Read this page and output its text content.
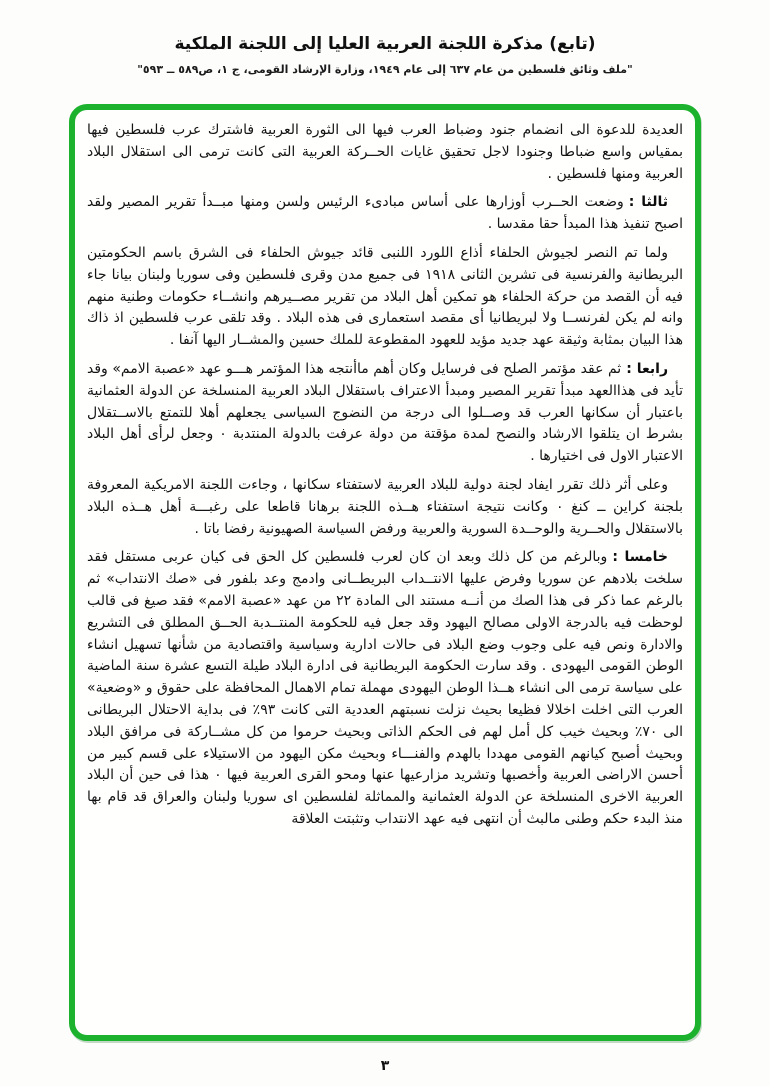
(تابع) مذكرة اللجنة العربية العليا إلى اللجنة الملكية
"ملف وثائق فلسطين من عام ٦٣٧ إلى عام ١٩٤٩، وزارة الإرشاد القومى، ج ١، ص٥٨٩ ــ ٥٩٣"

العديدة للدعوة الى انضمام جنود وضباط العرب فيها الى الثورة العربية فاشترك عرب فلسطين فيها بمقياس واسع ضباطا وجنودا لاجل تحقيق غايات الحــركة العربية التى كانت ترمى الى استقلال البلاد العربية ومنها فلسطين .

ثالثا :وضعت الحــرب أوزارها على أساس مبادىء الرئيس ولسن ومنها مبــدأ تقرير المصير ولقد اصبح تنفيذ هذا المبدأ حقا مقدسا .

ولما تم النصر لجيوش الحلفاء أذاع اللورد اللنبى قائد جيوش الحلفاء فى الشرق باسم الحكومتين البريطانية والفرنسية فى تشرين الثانى ١٩١٨ فى جميع مدن وقرى فلسطين وفى سوريا ولبنان بيانا جاء فيه أن القصد من حركة الحلفاء هو تمكين أهل البلاد من تقرير مصــيرهم وانشــاء حكومات وطنية منهم وانه لم يكن لفرنســا ولا لبريطانيا أى مقصد استعمارى فى هذه البلاد . وقد تلقى عرب فلسطين اذ ذاك هذا البيان بمثابة وثيقة عهد جديد مؤيد للعهود المقطوعة للملك حسين والمشــار اليها آنفا .

رابعا :ثم عقد مؤتمر الصلح فى فرسايل وكان أهم ماأنتجه هذا المؤتمر هـــو عهد «عصبة الامم» وقد تأيد فى هذاالعهد مبدأ تقرير المصير ومبدأ الاعتراف باستقلال البلاد العربية المنسلخة عن الدولة العثمانية باعتبار أن سكانها العرب قد وصــلوا الى درجة من النضوج السياسى يجعلهم أهلا للتمتع بالاســتقلال بشرط ان يتلقوا الارشاد والنصح لمدة مؤقتة من دولة عرفت بالدولة المنتدبة ٠ وجعل لرأى أهل البلاد الاعتبار الاول فى اختيارها .

وعلى أثر ذلك تقرر ايفاد لجنة دولية للبلاد العربية لاستفتاء سكانها ، وجاءت اللجنة الامريكية المعروفة بلجنة كراين ــ كنغ ٠ وكانت نتيجة استفتاء هــذه اللجنة برهانا قاطعا على رغبـــة أهل هــذه البلاد بالاستقلال والحــرية والوحــدة السورية والعربية ورفض السياسة الصهيونية رفضا باتا .

خامسا :وبالرغم من كل ذلك وبعد ان كان لعرب فلسطين كل الحق فى كيان عربى مستقل فقد سلخت بلادهم عن سوريا وفرض عليها الانتــداب البريطــانى وادمج وعد بلفور فى «صك الانتداب» ثم بالرغم عما ذكر فى هذا الصك من أنــه مستند الى المادة ٢٢ من عهد «عصبة الامم» فقد صيغ فى قالب لوحظت فيه بالدرجة الاولى مصالح اليهود وقد جعل فيه للحكومة المنتــدبة الحــق المطلق فى التشريع والادارة ونص فيه على وجوب وضع البلاد فى حالات ادارية وسياسية واقتصادية من شأنها تسهيل انشاء الوطن القومى اليهودى . وقد سارت الحكومة البريطانية فى ادارة البلاد طيلة التسع عشرة سنة الماضية على سياسة ترمى الى انشاء هــذا الوطن اليهودى مهملة تمام الاهمال المحافظة على حقوق و «وضعية» العرب التى اخلت اخلالا فظيعا بحيث نزلت نسبتهم العددية التى كانت ٩٣٪ فى بداية الاحتلال البريطانى الى ٧٠٪ وبحيث خيب كل أمل لهم فى الحكم الذاتى وبحيث حرموا من كل مشــاركة فى مرافق البلاد وبحيث أصبح كيانهم القومى مهددا بالهدم والفنـــاء وبحيث مكن اليهود من الاستيلاء على قسم كبير من أحسن الاراضى العربية وأخصبها وتشريد مزارعيها عنها ومحو القرى العربية فيها ٠ هذا فى حين أن البلاد العربية الاخرى المنسلخة عن الدولة العثمانية والمماثلة لفلسطين اى سوريا ولبنان والعراق قد قام بها منذ البدء حكم وطنى مالبث أن انتهى فيه عهد الانتداب وتثبتت العلاقة

٣
